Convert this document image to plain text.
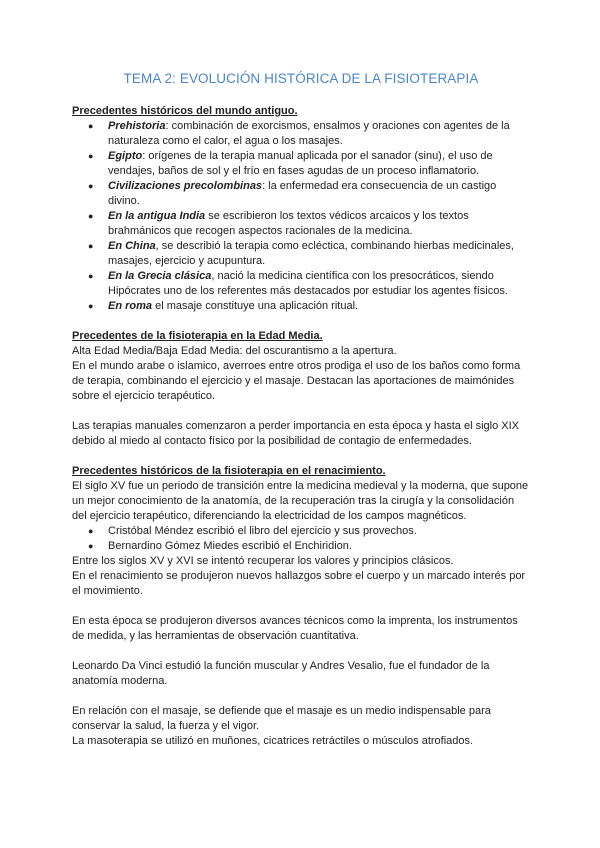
TEMA 2: EVOLUCIÓN HISTÓRICA DE LA FISIOTERAPIA
Precedentes históricos del mundo antiguo.
● Prehistoria: combinación de exorcismos, ensalmos y oraciones con agentes de la naturaleza como el calor, el agua o los masajes.
● Egipto: orígenes de la terapia manual aplicada por el sanador (sinu), el uso de vendajes, baños de sol y el frío en fases agudas de un proceso inflamatorio.
● Civilizaciones precolombinas: la enfermedad era consecuencia de un castigo divino.
● En la antigua India se escribieron los textos védicos arcaicos y los textos brahmánicos que recogen aspectos racionales de la medicina.
● En China, se describió la terapia como ecléctica, combinando hierbas medicinales, masajes, ejercicio y acupuntura.
● En la Grecia clásica, nació la medicina científica con los presocráticos, siendo Hipócrates uno de los referentes más destacados por estudiar los agentes físicos.
● En roma el masaje constituye una aplicación ritual.
Precedentes de la fisioterapia en la Edad Media.

Alta Edad Media/Baja Edad Media: del oscurantismo a la apertura.

En el mundo arabe o islamico, averroes entre otros prodiga el uso de los baños como forma de terapia, combinando el ejercicio y el masaje. Destacan las aportaciones de maimónides sobre el ejercicio terapéutico.

Las terapias manuales comenzaron a perder importancia en esta época y hasta el siglo XIX debido al miedo al contacto físico por la posibilidad de contagio de enfermedades.

Precedentes históricos de la fisioterapia en el renacimiento.

El siglo XV fue un periodo de transición entre la medicina medieval y la moderna, que supone un mejor conocimiento de la anatomía, de la recuperación tras la cirugía y la consolidación del ejercicio terapéutico, diferenciando la electricidad de los campos magnéticos.

● Cristóbal Méndez escribió el libro del ejercicio y sus provechos.
● Bernardino Gómez Miedes escribió el Enchiridion.

Entre los siglos XV y XVI se intentó recuperar los valores y principios clásicos.

En el renacimiento se produjeron nuevos hallazgos sobre el cuerpo y un marcado interés por el movimiento.

En esta época se produjeron diversos avances técnicos como la imprenta, los instrumentos de medida, y las herramientas de observación cuantitativa.

Leonardo Da Vinci estudió la función muscular y Andres Vesalio, fue el fundador de la anatomía moderna.

En relación con el masaje, se defiende que el masaje es un medio indispensable para conservar la salud, la fuerza y el vigor.

La masoterapia se utilizó en muñones, cicatrices retráctiles o músculos atrofiados.
